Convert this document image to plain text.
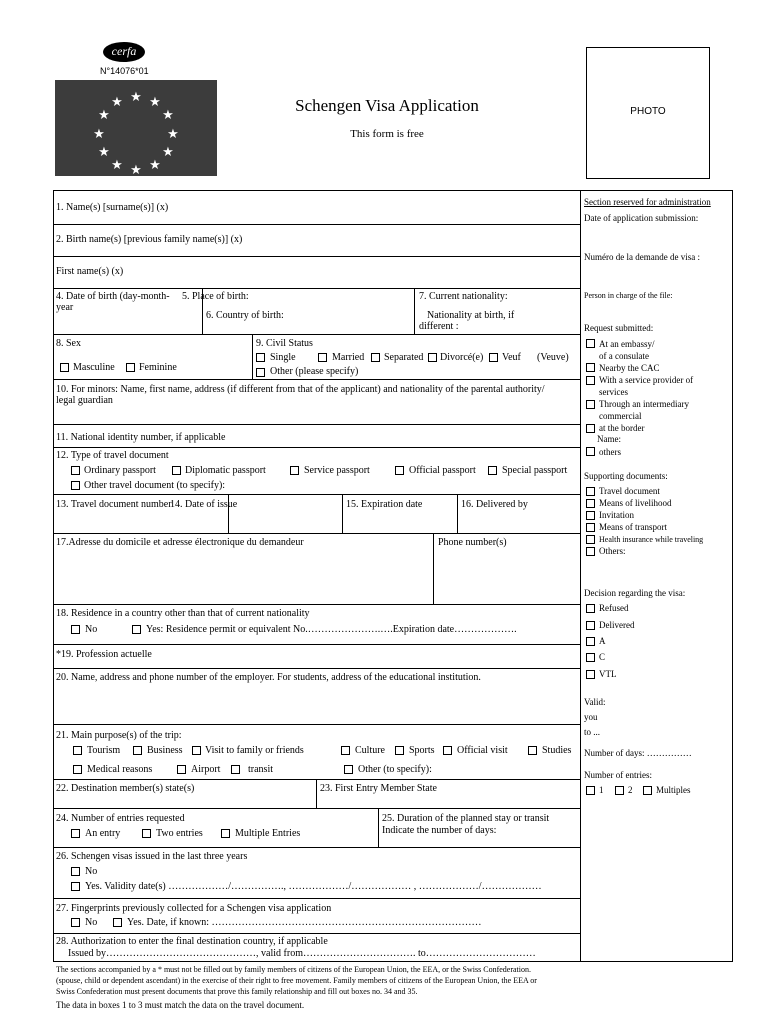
cerfa
N°14076*01
★ ★
★
★
★
★
★
★
★
★
★
★	Schengen Visa Application
This form is free
PHOTO
1. Name(s) [surname(s)] (x)
2. Birth name(s) [previous family name(s)] (x)
First name(s) (x)
4. Date of birth (day-month-
year
5. Place of birth:
6. Country of birth:
7. Current nationality:
Nationality at birth, if
different :
8. Sex
Masculine Feminine
9. Civil Status
Single	Married Separated Divorcé(e) Veuf (Veuve)
Other (please specify)
10. For minors: Name, first name, address (if different from that of the applicant) and nationality of the parental authority/
legal guardian
11. National identity number, if applicable
12. Type of travel document
Ordinary passport	Diplomatic passport	Service passport	Official passport	Special passport
Other travel document (to specify):
13. Travel document number
14. Date of issue	15. Expiration date	16. Delivered by
17.Adresse du domicile et adresse électronique du demandeur	Phone number(s)
18. Residence in a country other than that of current nationality
No	Yes: Residence permit or equivalent No.………………….….Expiration date……………….
*19. Profession actuelle
20. Name, address and phone number of the employer. For students, address of the educational institution.
21. Main purpose(s) of the trip:
Tourism	Business Visit to family or friends	Culture Sports Official visit	Studies
Medical reasons	Airport	transit	Other (to specify):
22. Destination member(s) state(s)	23. First Entry Member State
24. Number of entries requested
An entry	Two entries	Multiple Entries
25. Duration of the planned stay or transit
Indicate the number of days:
26. Schengen visas issued in the last three years
No
Yes. Validity date(s) ………………/……………., ………………/……………… , ………………/………………
27. Fingerprints previously collected for a Schengen visa application
No	Yes. Date, if known: ………………………………………………………………………
28. Authorization to enter the final destination country, if applicable
Issued by………………………………………, valid from……………………………. to……………………………
Section reserved for administration
Date of application submission:
Numéro de la demande de visa :
Person in charge of the file:
Request submitted:
At an embassy/
of a consulate
Nearby the CAC
With a service provider of
services
Through an intermediary
commercial
at the border
Name:
others
Supporting documents:
Travel document
Means of livelihood
Invitation
Means of transport
Health insurance while traveling
Others:
Decision regarding the visa:
Refused
Delivered
A
C
VTL
Valid:
you
to ...
Number of days: ……………
Number of entries:
1	2	Multiples
The sections accompanied by a * must not be filled out by family members of citizens of the European Union, the EEA, or the Swiss Confederation.
(spouse, child or dependent ascendant) in the exercise of their right to free movement. Family members of citizens of the European Union, the EEA or
Swiss Confederation must present documents that prove this family relationship and fill out boxes no. 34 and 35.
The data in boxes 1 to 3 must match the data on the travel document.
